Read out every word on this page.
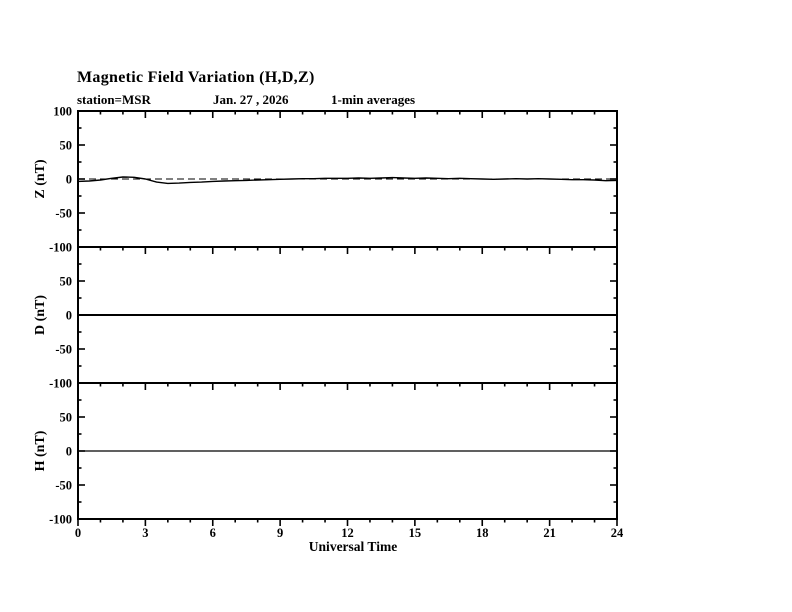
Magnetic Field Variation (H,D,Z)
station=MSR	Jan. 27 , 2026	1-min averages
100
50
0
-50
-100
Z (nT)
50
0
-50
-100
D (nT)
50
0
-50
-100
H (nT)
0	3	6	9	12	15	18	21	24
Universal Time
